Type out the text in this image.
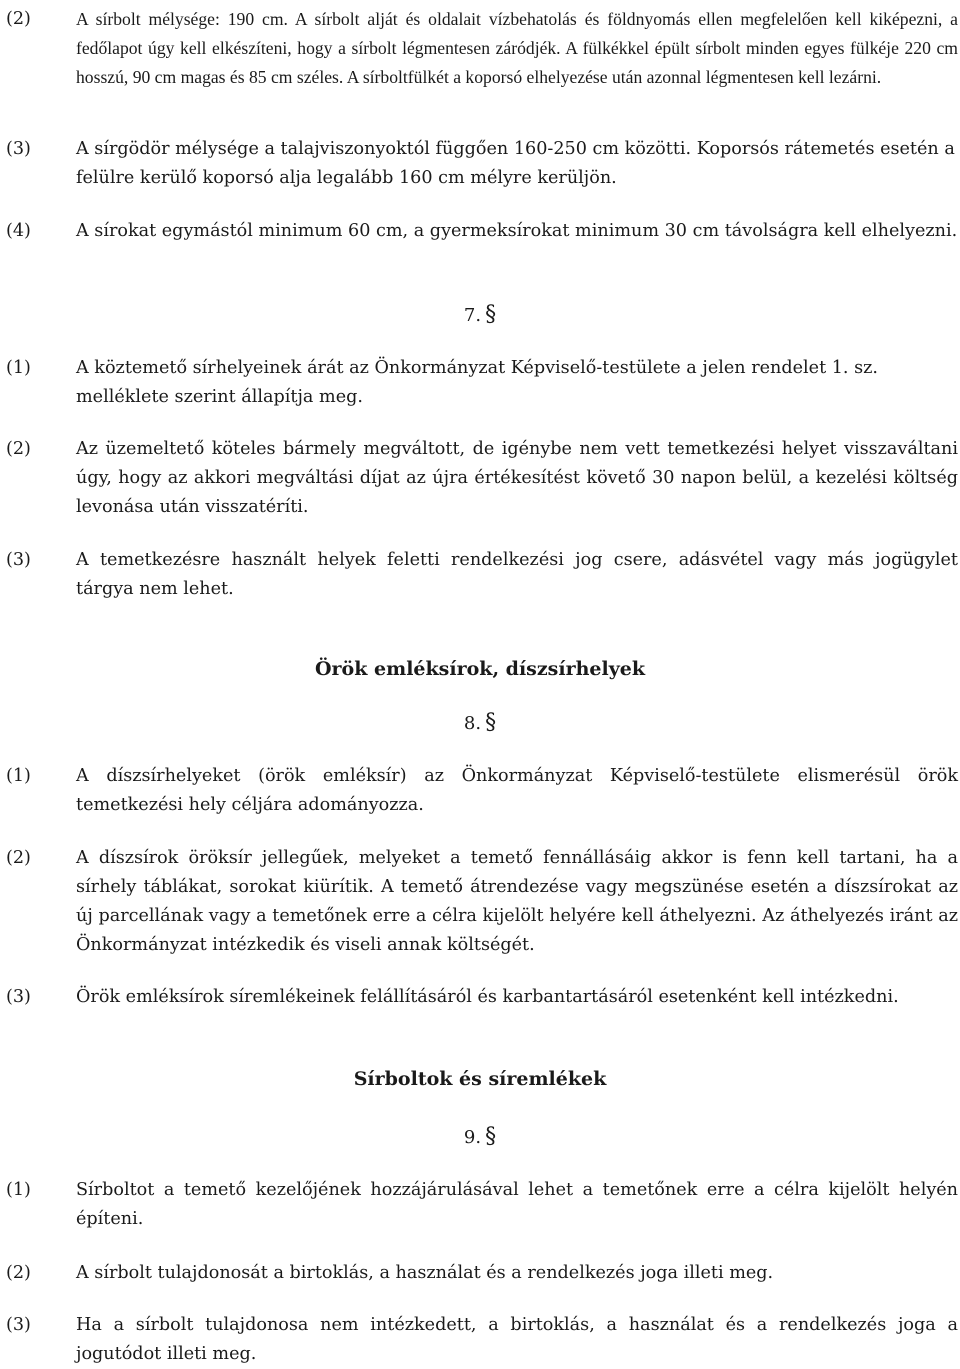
(2)	A sírbolt mélysége: 190 cm. A sírbolt alját és oldalait vízbehatolás és földnyomás ellen megfelelően kell kiképezni, a fedőlapot úgy kell elkészíteni, hogy a sírbolt légmentesen záródjék. A fülkékkel épült sírbolt minden egyes fülkéje 220 cm hosszú, 90 cm magas és 85 cm széles. A sírboltfülkét a koporsó elhelyezése után azonnal légmentesen kell lezárni.

(3)	A sírgödör mélysége a talajviszonyoktól függően 160-250 cm közötti. Koporsós rátemetés esetén a felülre kerülő koporsó alja legalább 160 cm mélyre kerüljön.

(4)	A sírokat egymástól minimum 60 cm, a gyermeksírokat minimum 30 cm távolságra kell elhelyezni.

7. §
(1)	A köztemető sírhelyeinek árát az Önkormányzat Képviselő-testülete a jelen rendelet 1. sz. melléklete szerint állapítja meg.

(2)	Az üzemeltető köteles bármely megváltott, de igénybe nem vett temetkezési helyet visszaváltani úgy, hogy az akkori megváltási díjat az újra értékesítést követő 30 napon belül, a kezelési költség levonása után visszatéríti.

(3)	A temetkezésre használt helyek feletti rendelkezési jog csere, adásvétel vagy más jogügylet tárgya nem lehet.

Örök emléksírok, díszsírhelyek
8. §
(1)	A díszsírhelyeket (örök emléksír) az Önkormányzat Képviselő-testülete elismerésül örök temetkezési hely céljára adományozza.

(2)	A díszsírok öröksír jellegűek, melyeket a temető fennállásáig akkor is fenn kell tartani, ha a sírhely táblákat, sorokat kiürítik. A temető átrendezése vagy megszünése esetén a díszsírokat az új parcellának vagy a temetőnek erre a célra kijelölt helyére kell áthelyezni. Az áthelyezés iránt az Önkormányzat intézkedik és viseli annak költségét.

(3)	Örök emléksírok síremlékeinek felállításáról és karbantartásáról esetenként kell intézkedni.

Sírboltok és síremlékek
9. §
(1)	Sírboltot a temető kezelőjének hozzájárulásával lehet a temetőnek erre a célra kijelölt helyén építeni.

(2)	A sírbolt tulajdonosát a birtoklás, a használat és a rendelkezés joga illeti meg.

(3)	Ha a sírbolt tulajdonosa nem intézkedett, a birtoklás, a használat és a rendelkezés joga a jogutódot illeti meg.
